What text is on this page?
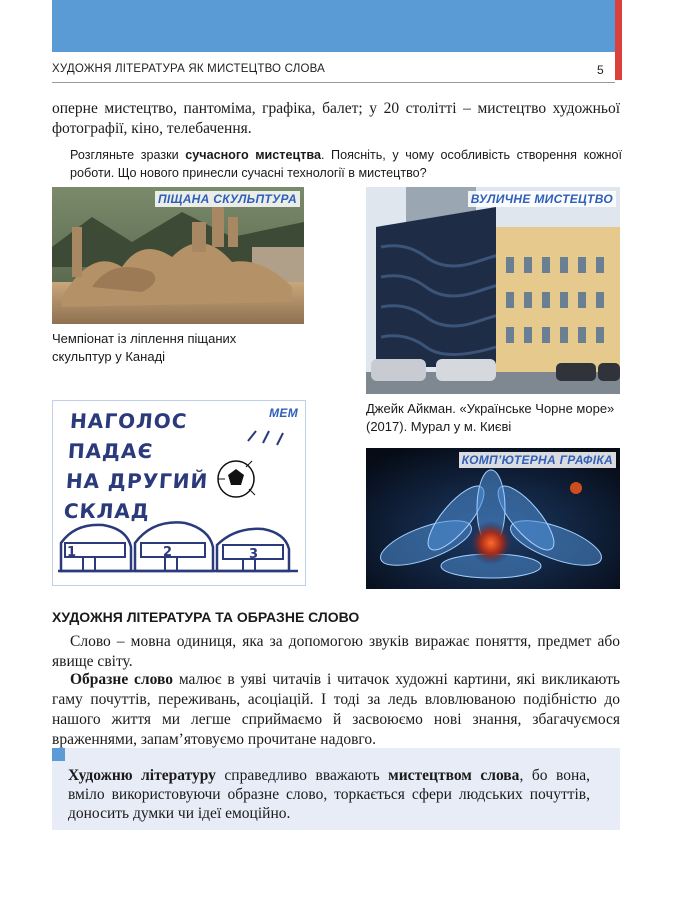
ХУДОЖНЯ ЛІТЕРАТУРА ЯК МИСТЕЦТВО СЛОВА	5

оперне мистецтво, пантоміма, графіка, балет; у 20 столітті – мистецтво художньої фотографії, кіно, телебачення.

Розгляньте зразки сучасного мистецтва. Поясніть, у чому особливість створення кожної роботи. Що нового принесли сучасні технології в мистецтво?

ПІЩАНА СКУЛЬПТУРА

Чемпіонат із ліплення піщаних скульптур у Канаді

ВУЛИЧНЕ МИСТЕЦТВО

Джейк Айкман. «Українське Чорне море» (2017). Мурал у м. Києві

НАГОЛОС
ПАДАЄ
НА ДРУГИЙ
СКЛАД
1	2	3
МЕМ
КОМП’ЮТЕРНА ГРАФІКА
ХУДОЖНЯ ЛІТЕРАТУРА ТА ОБРАЗНЕ СЛОВО

Слово – мовна одиниця, яка за допомогою звуків виражає поняття, предмет або явище світу.

Образне слово малює в уяві читачів і читачок художні картини, які викликають гаму почуттів, переживань, асоціацій. І тоді за ледь вловлювaною подібністю до нашого життя ми легше сприймаємо й засвоюємо нові знання, збагачуємося враженнями, запам’ятовуємо прочитане надовго.

Художню літературу справедливо вважають мистецтвом слова, бо вона, вміло використовуючи образне слово, торкається сфери людських почуттів, доносить думки чи ідеї емоційно.
